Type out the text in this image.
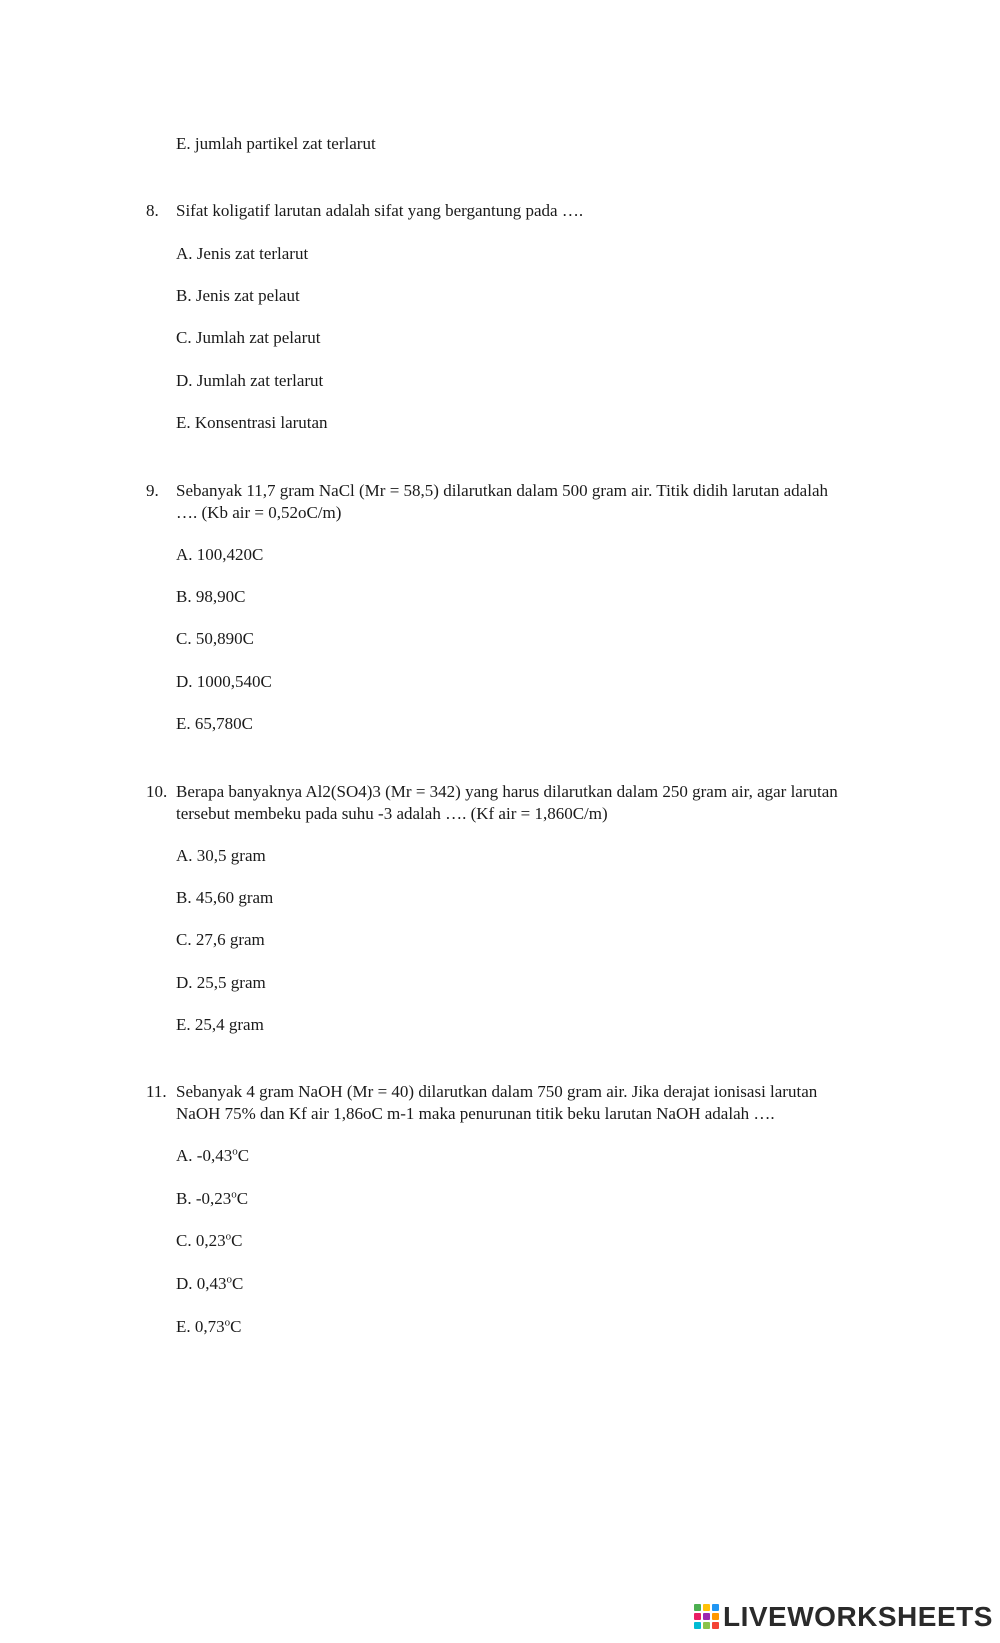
E. jumlah partikel zat terlarut
8. Sifat koligatif larutan adalah sifat yang bergantung pada ….
A. Jenis zat terlarut
B. Jenis zat pelaut
C. Jumlah zat pelarut
D. Jumlah zat terlarut
E. Konsentrasi larutan
9. Sebanyak 11,7 gram NaCl (Mr = 58,5) dilarutkan dalam 500 gram air. Titik didih larutan adalah
…. (Kb air = 0,52oC/m)
A. 100,420C
B. 98,90C
C. 50,890C
D. 1000,540C
E. 65,780C
10. Berapa banyaknya Al2(SO4)3 (Mr = 342) yang harus dilarutkan dalam 250 gram air, agar larutan
tersebut membeku pada suhu -3 adalah …. (Kf air = 1,860C/m)
A. 30,5 gram
B. 45,60 gram
C. 27,6 gram
D. 25,5 gram
E. 25,4 gram
11. Sebanyak 4 gram NaOH (Mr = 40) dilarutkan dalam 750 gram air. Jika derajat ionisasi larutan
NaOH 75% dan Kf air 1,86oC m-1 maka penurunan titik beku larutan NaOH adalah ….
A. -0,43$^o$C
B. -0,23$^o$C
C. 0,23$^o$C
D. 0,43$^o$C
E. 0,73$^o$C
LIVEWORKSHEETS
